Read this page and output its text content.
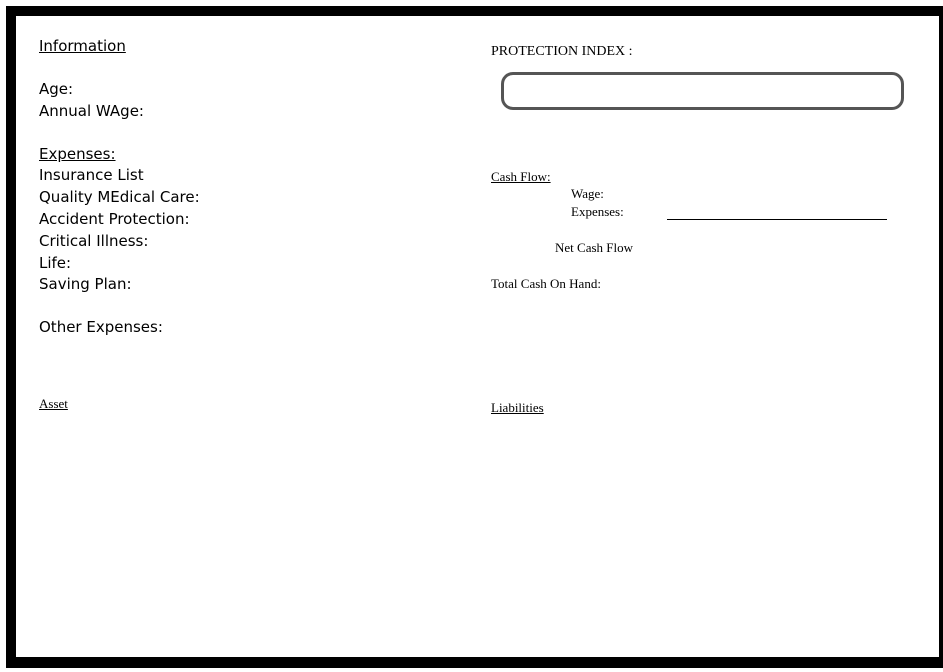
Information
Age:
Annual WAge:
Expenses:
Insurance List
Quality MEdical Care:
Accident Protection:
Critical Illness:
Life:
Saving Plan:
Other Expenses:
Asset
PROTECTION INDEX :
Cash Flow:
Wage:
Expenses:
Net Cash Flow
Total Cash On Hand:
Liabilities
